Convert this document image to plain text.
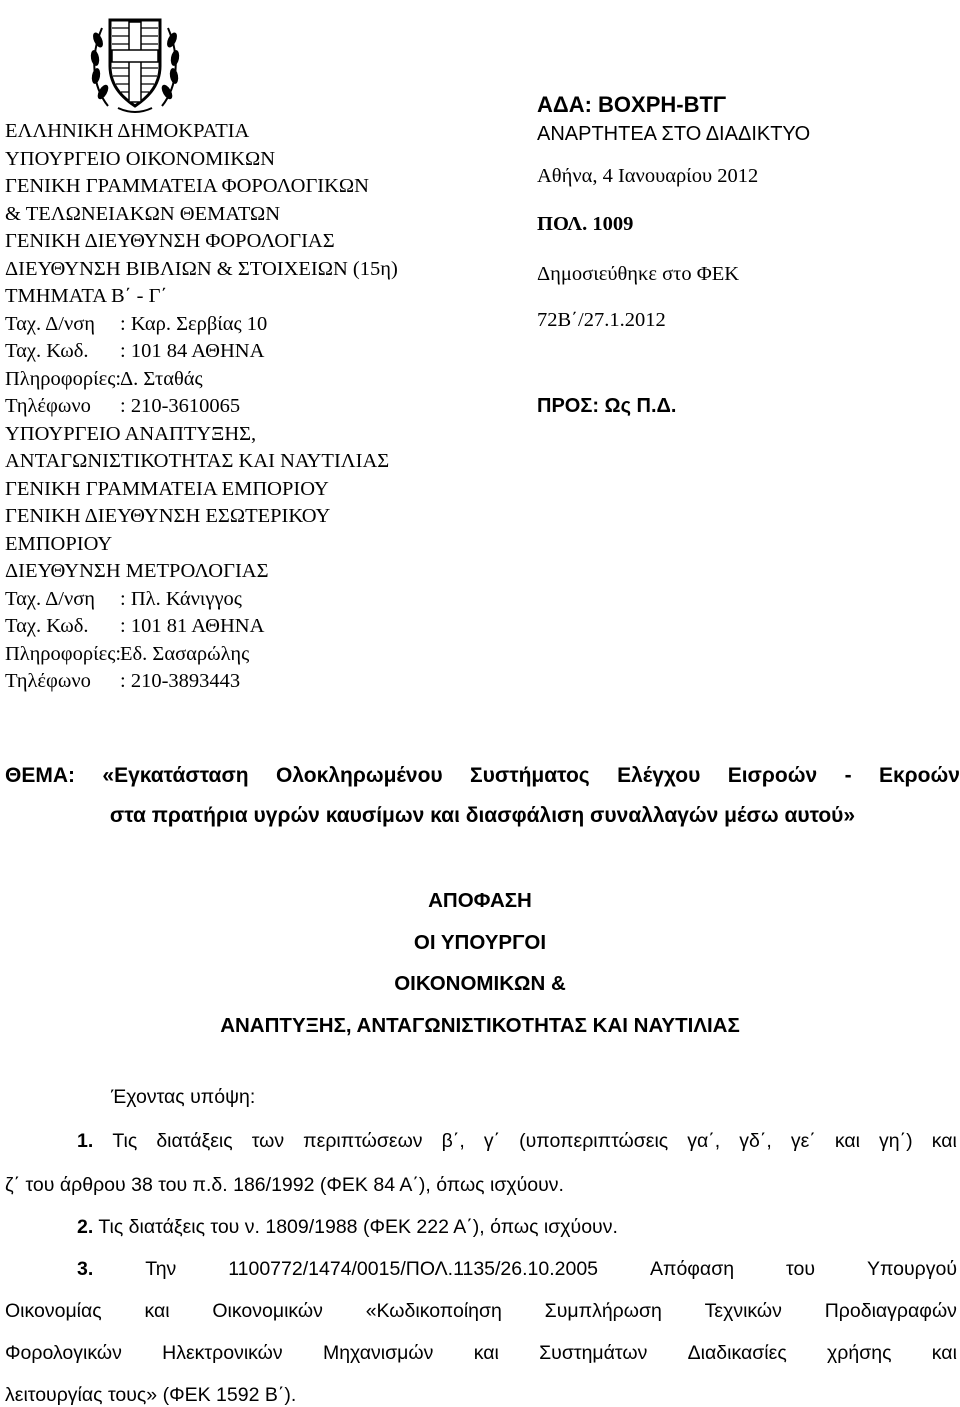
ΕΛΛΗΝΙΚΗ ΔΗΜΟΚΡΑΤΙΑ
ΥΠΟΥΡΓΕΙΟ ΟΙΚΟΝΟΜΙΚΩΝ
ΓΕΝΙΚΗ ΓΡΑΜΜΑΤΕΙΑ ΦΟΡΟΛΟΓΙΚΩΝ
& ΤΕΛΩΝΕΙΑΚΩΝ ΘΕΜΑΤΩΝ
ΓΕΝΙΚΗ ΔΙΕΥΘΥΝΣΗ ΦΟΡΟΛΟΓΙΑΣ
ΔΙΕΥΘΥΝΣΗ ΒΙΒΛΙΩΝ & ΣΤΟΙΧΕΙΩΝ (15η)
ΤΜΗΜΑΤΑ Β΄ - Γ΄
Ταχ. Δ/νση : Καρ. Σερβίας 10
Ταχ. Κωδ. : 101 84 ΑΘΗΝΑ
Πληροφορίες:Δ. Σταθάς
Τηλέφωνο : 210-3610065
ΥΠΟΥΡΓΕΙΟ ΑΝΑΠΤΥΞΗΣ,
ΑΝΤΑΓΩΝΙΣΤΙΚΟΤΗΤΑΣ ΚΑΙ ΝΑΥΤΙΛΙΑΣ
ΓΕΝΙΚΗ ΓΡΑΜΜΑΤΕΙΑ ΕΜΠΟΡΙΟΥ
ΓΕΝΙΚΗ ΔΙΕΥΘΥΝΣΗ ΕΣΩΤΕΡΙΚΟΥ
ΕΜΠΟΡΙΟΥ
ΔΙΕΥΘΥΝΣΗ ΜΕΤΡΟΛΟΓΙΑΣ
Ταχ. Δ/νση : Πλ. Κάνιγγος
Ταχ. Κωδ. : 101 81 ΑΘΗΝΑ
Πληροφορίες:Εδ. Σασαρώλης
Τηλέφωνο : 210-3893443
ΑΔΑ: ΒΟΧΡΗ-ΒΤΓ
ΑΝΑΡΤΗΤΕΑ ΣΤΟ ΔΙΑΔΙΚΤΥΟ
Αθήνα, 4 Ιανουαρίου 2012
ΠΟΛ. 1009
Δημοσιεύθηκε στο ΦΕΚ
72Β΄/27.1.2012
ΠΡΟΣ: Ως Π.Δ.
ΘΕΜΑ: «Εγκατάσταση Ολοκληρωμένου Συστήματος Ελέγχου Εισροών - Εκροών
στα πρατήρια υγρών καυσίμων και διασφάλιση συναλλαγών μέσω αυτού»
ΑΠΟΦΑΣΗ
ΟΙ ΥΠΟΥΡΓΟΙ
ΟΙΚΟΝΟΜΙΚΩΝ &
ΑΝΑΠΤΥΞΗΣ, ΑΝΤΑΓΩΝΙΣΤΙΚΟΤΗΤΑΣ ΚΑΙ ΝΑΥΤΙΛΙΑΣ
Έχοντας υπόψη:
1. Τις διατάξεις των περιπτώσεων β΄, γ΄ (υποπεριπτώσεις γα΄, γδ΄, γε΄ και γη΄) και
ζ΄ του άρθρου 38 του π.δ. 186/1992 (ΦΕΚ 84 Α΄), όπως ισχύουν.
2. Τις διατάξεις του ν. 1809/1988 (ΦΕΚ 222 Α΄), όπως ισχύουν.
3.	Την	1100772/1474/0015/ΠΟΛ.1135/26.10.2005	Απόφαση	του	Υπουργού
Οικονομίας και Οικονομικών «Κωδικοποίηση Συμπλήρωση Τεχνικών Προδιαγραφών
Φορολογικών Ηλεκτρονικών Μηχανισμών και Συστημάτων Διαδικασίες χρήσης και
λειτουργίας τους» (ΦΕΚ 1592 Β΄).
